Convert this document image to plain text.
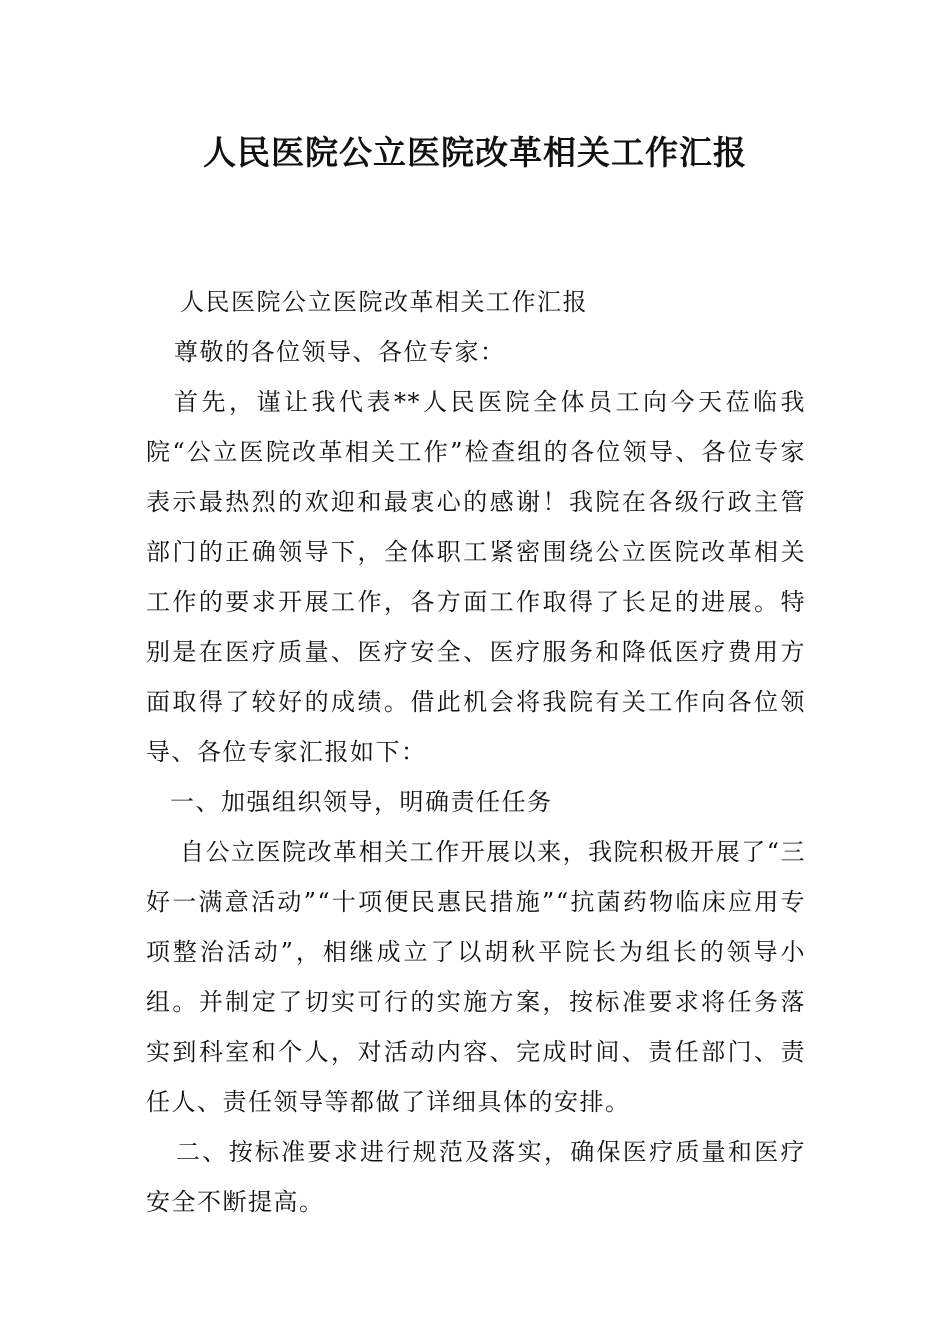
人民医院公立医院改革相关工作汇报

人民医院公立医院改革相关工作汇报

尊敬的各位领导、各位专家：

首先，谨让我代表**人民医院全体员工向今天莅临我院“公立医院改革相关工作”检查组的各位领导、各位专家表示最热烈的欢迎和最衷心的感谢！我院在各级行政主管部门的正确领导下，全体职工紧密围绕公立医院改革相关工作的要求开展工作，各方面工作取得了长足的进展。特别是在医疗质量、医疗安全、医疗服务和降低医疗费用方面取得了较好的成绩。借此机会将我院有关工作向各位领导、各位专家汇报如下：

一、加强组织领导，明确责任任务

自公立医院改革相关工作开展以来，我院积极开展了“三好一满意活动”“十项便民惠民措施”“抗菌药物临床应用专项整治活动”，相继成立了以胡秋平院长为组长的领导小组。并制定了切实可行的实施方案，按标准要求将任务落实到科室和个人，对活动内容、完成时间、责任部门、责任人、责任领导等都做了详细具体的安排。

二、按标准要求进行规范及落实，确保医疗质量和医疗安全不断提高。
